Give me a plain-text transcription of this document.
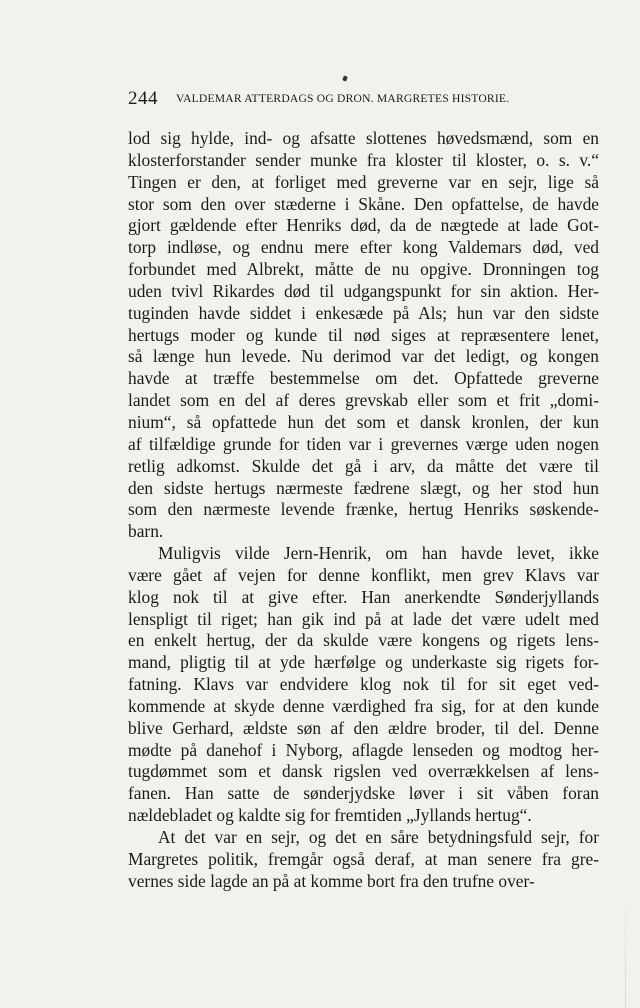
244 VALDEMAR ATTERDAGS OG DRON. MARGRETES HISTORIE.
lod sig hylde, ind- og afsatte slottenes høvedsmænd, som en
klosterforstander sender munke fra kloster til kloster, o. s. v.“
Tingen er den, at forliget med greverne var en sejr, lige så
stor som den over stæderne i Skåne. Den opfattelse, de havde
gjort gældende efter Henriks død, da de nægtede at lade Got-
torp indløse, og endnu mere efter kong Valdemars død, ved
forbundet med Albrekt, måtte de nu opgive. Dronningen tog
uden tvivl Rikardes død til udgangspunkt for sin aktion. Her-
tuginden havde siddet i enkesæde på Als; hun var den sidste
hertugs moder og kunde til nød siges at repræsentere lenet,
så længe hun levede. Nu derimod var det ledigt, og kongen
havde at træffe bestemmelse om det. Opfattede greverne
landet som en del af deres grevskab eller som et frit „domi-
nium“, så opfattede hun det som et dansk kronlen, der kun
af tilfældige grunde for tiden var i grevernes værge uden nogen
retlig adkomst. Skulde det gå i arv, da måtte det være til
den sidste hertugs nærmeste fædrene slægt, og her stod hun
som den nærmeste levende frænke, hertug Henriks søskende-
barn.
Muligvis vilde Jern-Henrik, om han havde levet, ikke
være gået af vejen for denne konflikt, men grev Klavs var
klog nok til at give efter. Han anerkendte Sønderjyllands
lenspligt til riget; han gik ind på at lade det være udelt med
en enkelt hertug, der da skulde være kongens og rigets lens-
mand, pligtig til at yde hærfølge og underkaste sig rigets for-
fatning. Klavs var endvidere klog nok til for sit eget ved-
kommende at skyde denne værdighed fra sig, for at den kunde
blive Gerhard, ældste søn af den ældre broder, til del. Denne
mødte på danehof i Nyborg, aflagde lenseden og modtog her-
tugdømmet som et dansk rigslen ved overrækkelsen af lens-
fanen. Han satte de sønderjydske løver i sit våben foran
nældebladet og kaldte sig for fremtiden „Jyllands hertug“.
At det var en sejr, og det en såre betydningsfuld sejr, for
Margretes politik, fremgår også deraf, at man senere fra gre-
vernes side lagde an på at komme bort fra den trufne over-
